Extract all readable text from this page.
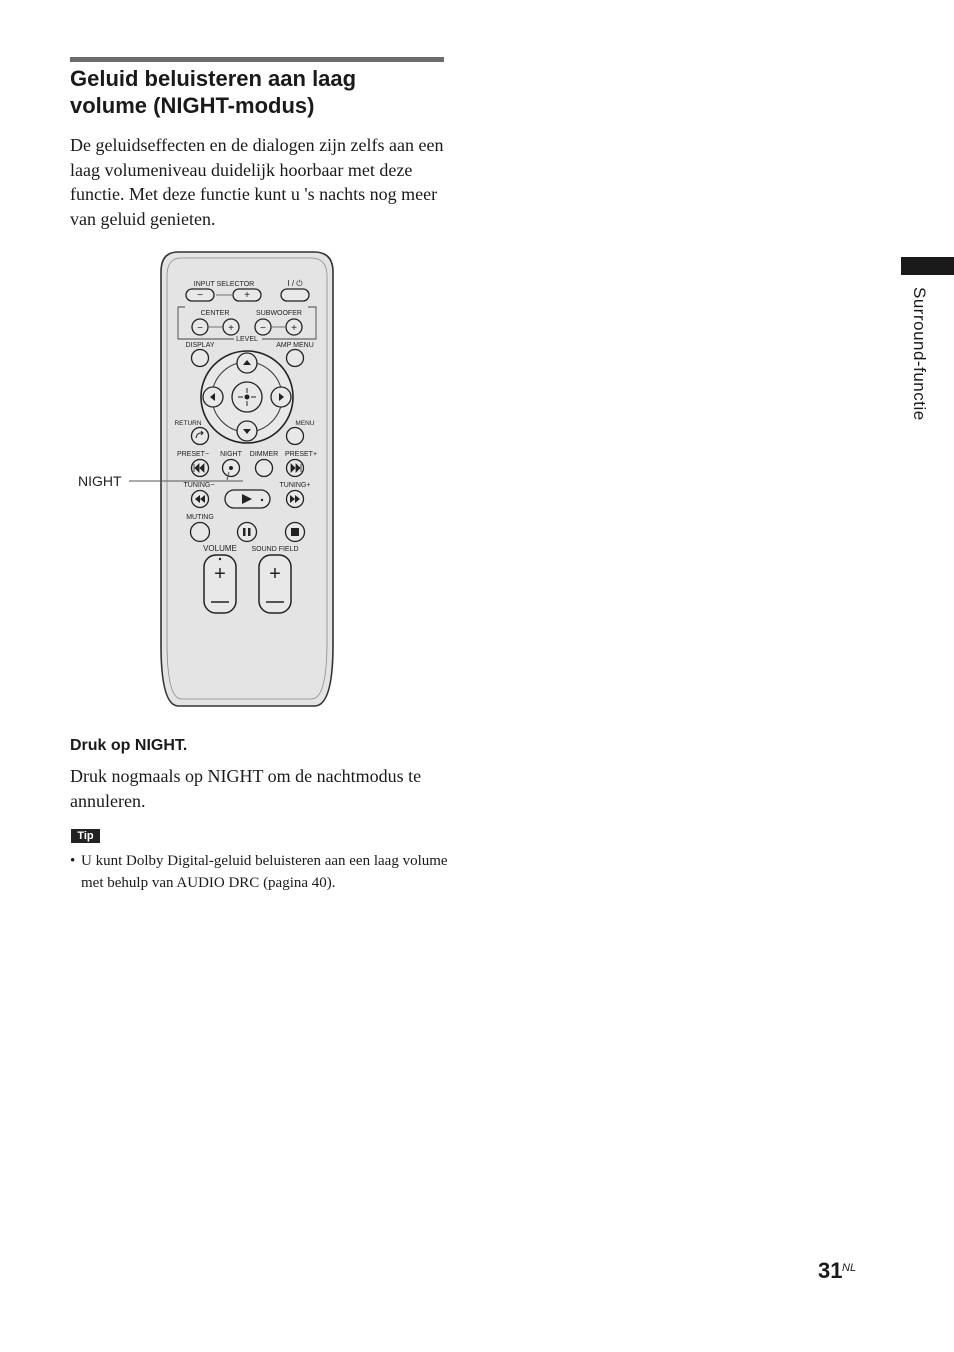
Geluid beluisteren aan laag
volume (NIGHT-modus)

De geluidseffecten en de dialogen zijn zelfs aan een laag volumeniveau duidelijk hoorbaar met deze functie. Met deze functie kunt u 's nachts nog meer van geluid genieten.

INPUT SELECTOR
−	+
I / ⏻
CENTER	SUBWOOFER
−	+	−	+
LEVEL
DISPLAY	AMP MENU
RETURN	MENU
PRESET− NIGHT DIMMER PRESET+
NIGHT	TUNING−	TUNING+
MUTING
VOLUME SOUND FIELD
+ +

Druk op NIGHT.

Druk nogmaals op NIGHT om de nachtmodus te annuleren.

Tip
• U kunt Dolby Digital-geluid beluisteren aan een laag volume met behulp van AUDIO DRC (pagina 40).
Surround-functie
31 NL
